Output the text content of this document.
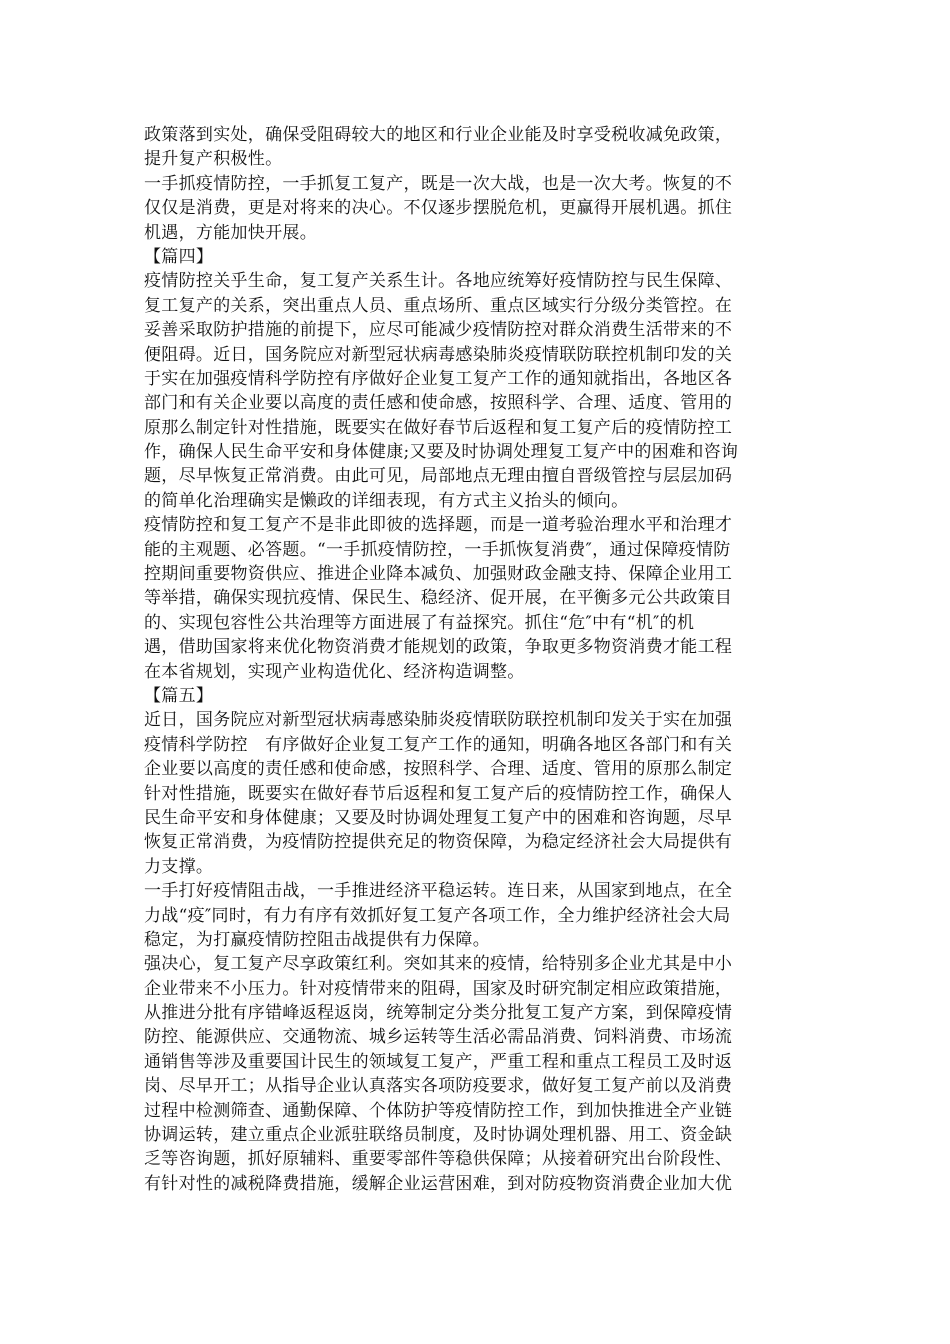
政策落到实处，确保受阻碍较大的地区和行业企业能及时享受税收减免政策，
提升复产积极性。
一手抓疫情防控，一手抓复工复产，既是一次大战，也是一次大考。恢复的不
仅仅是消费，更是对将来的决心。不仅逐步摆脱危机，更赢得开展机遇。抓住
机遇，方能加快开展。
【篇四】
疫情防控关乎生命，复工复产关系生计。各地应统筹好疫情防控与民生保障、
复工复产的关系，突出重点人员、重点场所、重点区域实行分级分类管控。在
妥善采取防护措施的前提下，应尽可能减少疫情防控对群众消费生活带来的不
便阻碍。近日，国务院应对新型冠状病毒感染肺炎疫情联防联控机制印发的关
于实在加强疫情科学防控有序做好企业复工复产工作的通知就指出，各地区各
部门和有关企业要以高度的责任感和使命感，按照科学、合理、适度、管用的
原那么制定针对性措施，既要实在做好春节后返程和复工复产后的疫情防控工
作，确保人民生命平安和身体健康;又要及时协调处理复工复产中的困难和咨询
题，尽早恢复正常消费。由此可见，局部地点无理由擅自晋级管控与层层加码
的简单化治理确实是懒政的详细表现，有方式主义抬头的倾向。
疫情防控和复工复产不是非此即彼的选择题，而是一道考验治理水平和治理才
能的主观题、必答题。“一手抓疫情防控，一手抓恢复消费″，通过保障疫情防
控期间重要物资供应、推进企业降本减负、加强财政金融支持、保障企业用工
等举措，确保实现抗疫情、保民生、稳经济、促开展，在平衡多元公共政策目
的、实现包容性公共治理等方面进展了有益探究。抓住“危″中有“机″的机
遇，借助国家将来优化物资消费才能规划的政策，争取更多物资消费才能工程
在本省规划，实现产业构造优化、经济构造调整。
【篇五】
近日，国务院应对新型冠状病毒感染肺炎疫情联防联控机制印发关于实在加强
疫情科学防控　有序做好企业复工复产工作的通知，明确各地区各部门和有关
企业要以高度的责任感和使命感，按照科学、合理、适度、管用的原那么制定
针对性措施，既要实在做好春节后返程和复工复产后的疫情防控工作，确保人
民生命平安和身体健康；又要及时协调处理复工复产中的困难和咨询题，尽早
恢复正常消费，为疫情防控提供充足的物资保障，为稳定经济社会大局提供有
力支撑。
一手打好疫情阻击战，一手推进经济平稳运转。连日来，从国家到地点，在全
力战“疫″同时，有力有序有效抓好复工复产各项工作，全力维护经济社会大局
稳定，为打赢疫情防控阻击战提供有力保障。
强决心，复工复产尽享政策红利。突如其来的疫情，给特别多企业尤其是中小
企业带来不小压力。针对疫情带来的阻碍，国家及时研究制定相应政策措施，
从推进分批有序错峰返程返岗，统筹制定分类分批复工复产方案，到保障疫情
防控、能源供应、交通物流、城乡运转等生活必需品消费、饲料消费、市场流
通销售等涉及重要国计民生的领域复工复产，严重工程和重点工程员工及时返
岗、尽早开工；从指导企业认真落实各项防疫要求，做好复工复产前以及消费
过程中检测筛查、通勤保障、个体防护等疫情防控工作，到加快推进全产业链
协调运转，建立重点企业派驻联络员制度，及时协调处理机器、用工、资金缺
乏等咨询题，抓好原辅料、重要零部件等稳供保障；从接着研究出台阶段性、
有针对性的减税降费措施，缓解企业运营困难，到对防疫物资消费企业加大优
